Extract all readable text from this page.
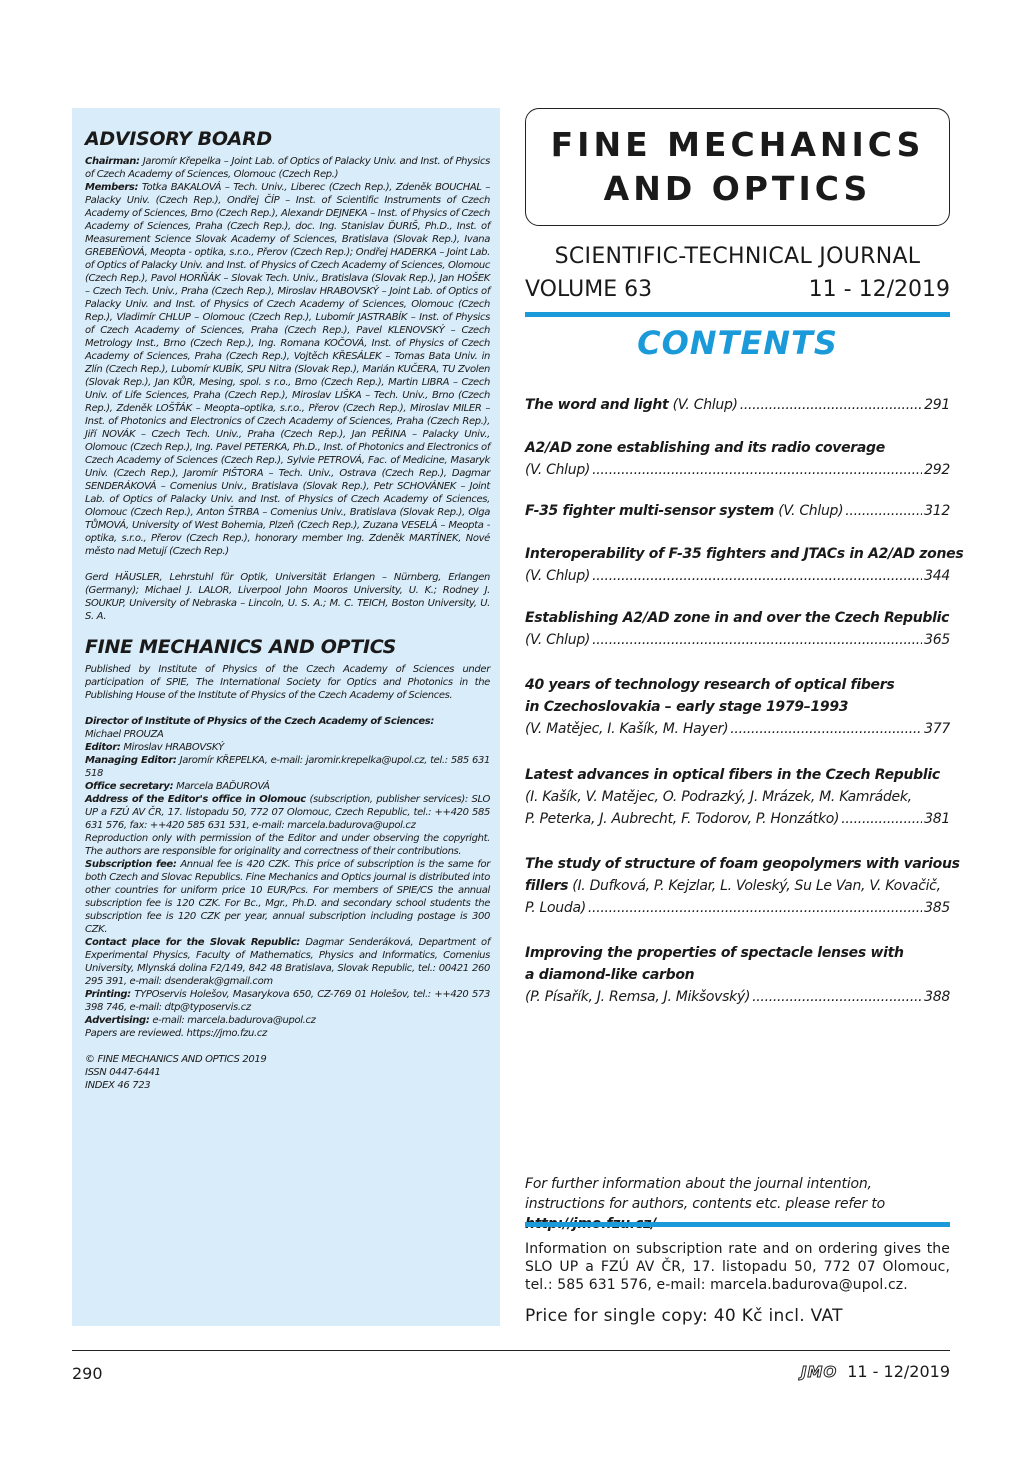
ADVISORY BOARD

Chairman: Jaromír Křepelka – Joint Lab. of Optics of Palacky Univ. and Inst. of Physics of Czech Academy of Sciences, Olomouc (Czech Rep.)
Members: Totka BAKALOVÁ – Tech. Univ., Liberec (Czech Rep.), Zdeněk BOUCHAL – Palacky Univ. (Czech Rep.), Ondřej ČÍP – Inst. of Scientific Instruments of Czech Academy of Sciences, Brno (Czech Rep.), Alexandr DEJNEKA – Inst. of Physics of Czech Academy of Sciences, Praha (Czech Rep.), doc. Ing. Stanislav ĎURIŠ, Ph.D., Inst. of Measurement Science Slovak Academy of Sciences, Bratislava (Slovak Rep.), Ivana GREBEŇOVÁ, Meopta - optika, s.r.o., Přerov (Czech Rep.); Ondřej HADERKA – Joint Lab. of Optics of Palacky Univ. and Inst. of Physics of Czech Academy of Sciences, Olomouc (Czech Rep.), Pavol HORŇÁK – Slovak Tech. Univ., Bratislava (Slovak Rep.), Jan HOŠEK – Czech Tech. Univ., Praha (Czech Rep.), Miroslav HRABOVSKÝ – Joint Lab. of Optics of Palacky Univ. and Inst. of Physics of Czech Academy of Sciences, Olomouc (Czech Rep.), Vladimír CHLUP – Olomouc (Czech Rep.), Lubomír JASTRABÍK – Inst. of Physics of Czech Academy of Sciences, Praha (Czech Rep.), Pavel KLENOVSKÝ – Czech Metrology Inst., Brno (Czech Rep.), Ing. Romana KOČOVÁ, Inst. of Physics of Czech Academy of Sciences, Praha (Czech Rep.), Vojtěch KŘESÁLEK – Tomas Bata Univ. in Zlín (Czech Rep.), Lubomír KUBÍK, SPU Nitra (Slovak Rep.), Marián KUČERA, TU Zvolen (Slovak Rep.), Jan KŮR, Mesing, spol. s r.o., Brno (Czech Rep.), Martin LIBRA – Czech Univ. of Life Sciences, Praha (Czech Rep.), Miroslav LIŠKA – Tech. Univ., Brno (Czech Rep.), Zdeněk LOŠŤÁK – Meopta–optika, s.r.o., Přerov (Czech Rep.), Miroslav MILER – Inst. of Photonics and Electronics of Czech Academy of Sciences, Praha (Czech Rep.), Jiří NOVÁK – Czech Tech. Univ., Praha (Czech Rep.), Jan PEŘINA – Palacky Univ., Olomouc (Czech Rep.), Ing. Pavel PETERKA, Ph.D., Inst. of Photonics and Electronics of Czech Academy of Sciences (Czech Rep.), Sylvie PETROVÁ, Fac. of Medicine, Masaryk Univ. (Czech Rep.), Jaromír PIŠTORA – Tech. Univ., Ostrava (Czech Rep.), Dagmar SENDERÁKOVÁ – Comenius Univ., Bratislava (Slovak Rep.), Petr SCHOVÁNEK – Joint Lab. of Optics of Palacky Univ. and Inst. of Physics of Czech Academy of Sciences, Olomouc (Czech Rep.), Anton ŠTRBA – Comenius Univ., Bratislava (Slovak Rep.), Olga TŮMOVÁ, University of West Bohemia, Plzeň (Czech Rep.), Zuzana VESELÁ – Meopta - optika, s.r.o., Přerov (Czech Rep.), honorary member Ing. Zdeněk MARTÍNEK, Nové město nad Metují (Czech Rep.)

Gerd HÄUSLER, Lehrstuhl für Optik, Universität Erlangen – Nürnberg, Erlangen (Germany); Michael J. LALOR, Liverpool John Mooros University, U. K.; Rodney J. SOUKUP, University of Nebraska – Lincoln, U. S. A.; M. C. TEICH, Boston University, U. S. A.

FINE MECHANICS AND OPTICS

Published by Institute of Physics of the Czech Academy of Sciences under participation of SPIE, The International Society for Optics and Photonics in the Publishing House of the Institute of Physics of the Czech Academy of Sciences.

Director of Institute of Physics of the Czech Academy of Sciences:
Michael PROUZA
Editor: Miroslav HRABOVSKÝ
Managing Editor: Jaromír KŘEPELKA, e-mail: jaromir.krepelka@upol.cz, tel.: 585 631 518
Office secretary: Marcela BAĎUROVÁ
Address of the Editor's office in Olomouc (subscription, publisher services): SLO UP a FZÚ AV ČR, 17. listopadu 50, 772 07 Olomouc, Czech Republic, tel.: ++420 585 631 576, fax: ++420 585 631 531, e-mail: marcela.badurova@upol.cz
Reproduction only with permission of the Editor and under observing the copyright. The authors are responsible for originality and correctness of their contributions.
Subscription fee: Annual fee is 420 CZK. This price of subscription is the same for both Czech and Slovac Republics. Fine Mechanics and Optics journal is distributed into other countries for uniform price 10 EUR/Pcs. For members of SPIE/CS the annual subscription fee is 120 CZK. For Bc., Mgr., Ph.D. and secondary school students the subscription fee is 120 CZK per year, annual subscription including postage is 300 CZK.
Contact place for the Slovak Republic: Dagmar Senderáková, Department of Experimental Physics, Faculty of Mathematics, Physics and Informatics, Comenius University, Mlynská dolina F2/149, 842 48 Bratislava, Slovak Republic, tel.: 00421 260 295 391, e-mail: dsenderak@gmail.com
Printing: TYPOservis Holešov, Masarykova 650, CZ-769 01 Holešov, tel.: ++420 573 398 746, e-mail: dtp@typoservis.cz
Advertising: e-mail: marcela.badurova@upol.cz
Papers are reviewed. https://jmo.fzu.cz

© FINE MECHANICS AND OPTICS 2019
ISSN 0447-6441
INDEX 46 723

FINE MECHANICS
AND OPTICS
SCIENTIFIC-TECHNICAL JOURNAL
VOLUME 63	11 - 12/2019
CONTENTS
The word and light
(V. Chlup) .....	291
A2/AD zone establishing and its radio coverage
(V. Chlup) .....	292
F-35 fighter multi-sensor system
(V. Chlup) .....	312
Interoperability of F-35 fighters and JTACs in A2/AD zones
(V. Chlup) .....	344
Establishing A2/AD zone in and over the Czech Republic
(V. Chlup) .....	365
40 years of technology research of optical fibers
in Czechoslovakia – early stage 1979–1993
(V. Matějec, I. Kašík, M. Hayer) .....	377
Latest advances in optical fibers in the Czech Republic
(I. Kašík, V. Matějec, O. Podrazký, J. Mrázek, M. Kamrádek,
P. Peterka, J. Aubrecht, F. Todorov, P. Honzátko) .....	381
The study of structure of foam geopolymers with various
fillers
(I. Dufková, P. Kejzlar, L. Voleský, Su Le Van, V. Kovačič,
P. Louda) .....	385
Improving the properties of spectacle lenses with
a diamond-like carbon
(P. Písařík, J. Remsa, J. Mikšovský) .....	388
For further information about the journal intention, instructions for authors, contents etc. please refer to
Information on subscription rate and on ordering gives the SLO UP a FZÚ AV ČR, 17. listopadu 50, 772 07 Olomouc, tel.: 585 631 576, e-mail: marcela.badurova@upol.cz.
Price for single copy: 40 Kč incl. VAT
290	JMO 11 - 12/2019
